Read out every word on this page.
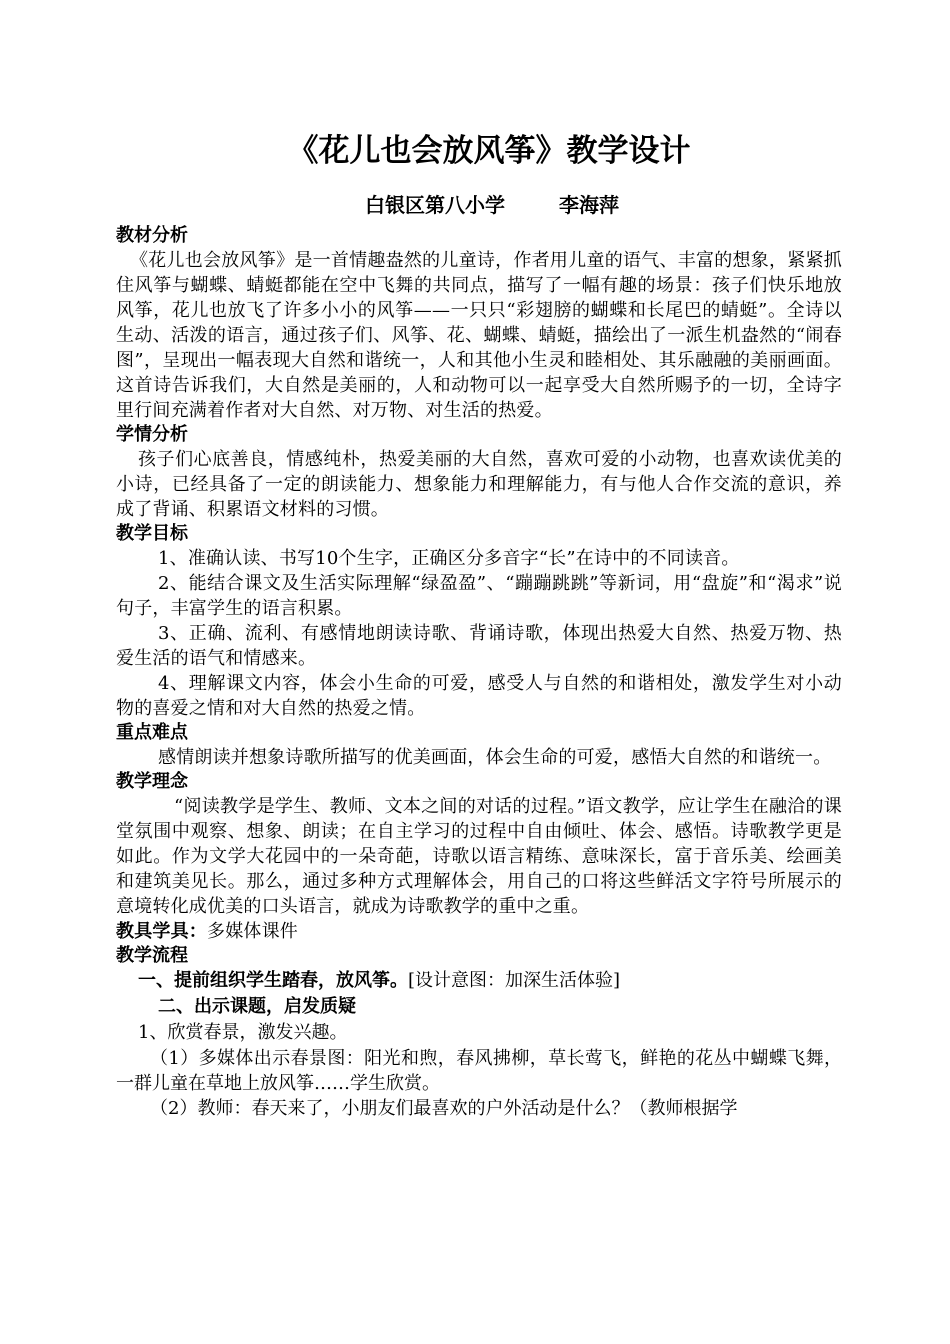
《花儿也会放风筝》教学设计

白银区第八小学	李海萍

教材分析

《花儿也会放风筝》是一首情趣盎然的儿童诗，作者用儿童的语气、丰富的想象，紧紧抓住风筝与蝴蝶、蜻蜓都能在空中飞舞的共同点，描写了一幅有趣的场景：孩子们快乐地放风筝，花儿也放飞了许多小小的风筝——一只只“彩翅膀的蝴蝶和长尾巴的蜻蜓”。全诗以生动、活泼的语言，通过孩子们、风筝、花、蝴蝶、蜻蜓，描绘出了一派生机盎然的“闹春图”，呈现出一幅表现大自然和谐统一，人和其他小生灵和睦相处、其乐融融的美丽画面。这首诗告诉我们，大自然是美丽的，人和动物可以一起享受大自然所赐予的一切，全诗字里行间充满着作者对大自然、对万物、对生活的热爱。

学情分析

孩子们心底善良，情感纯朴，热爱美丽的大自然，喜欢可爱的小动物，也喜欢读优美的小诗，已经具备了一定的朗读能力、想象能力和理解能力，有与他人合作交流的意识，养成了背诵、积累语文材料的习惯。

教学目标

1、准确认读、书写10个生字，正确区分多音字“长”在诗中的不同读音。

2、能结合课文及生活实际理解“绿盈盈”、“蹦蹦跳跳”等新词，用“盘旋”和“渴求”说句子，丰富学生的语言积累。

3、正确、流利、有感情地朗读诗歌、背诵诗歌，体现出热爱大自然、热爱万物、热爱生活的语气和情感来。

4、理解课文内容，体会小生命的可爱，感受人与自然的和谐相处，激发学生对小动物的喜爱之情和对大自然的热爱之情。

重点难点

感情朗读并想象诗歌所描写的优美画面，体会生命的可爱，感悟大自然的和谐统一。

教学理念

“阅读教学是学生、教师、文本之间的对话的过程。”语文教学，应让学生在融洽的课堂氛围中观察、想象、朗读；在自主学习的过程中自由倾吐、体会、感悟。诗歌教学更是如此。作为文学大花园中的一朵奇葩，诗歌以语言精练、意味深长，富于音乐美、绘画美和建筑美见长。那么，通过多种方式理解体会，用自己的口将这些鲜活文字符号所展示的意境转化成优美的口头语言，就成为诗歌教学的重中之重。

教具学具：多媒体课件

教学流程

一、提前组织学生踏春，放风筝。[设计意图：加深生活体验]

二、出示课题，启发质疑

1、欣赏春景，激发兴趣。

（1）多媒体出示春景图：阳光和煦，春风拂柳，草长莺飞，鲜艳的花丛中蝴蝶飞舞，一群儿童在草地上放风筝……学生欣赏。

（2）教师：春天来了，小朋友们最喜欢的户外活动是什么？（教师根据学
